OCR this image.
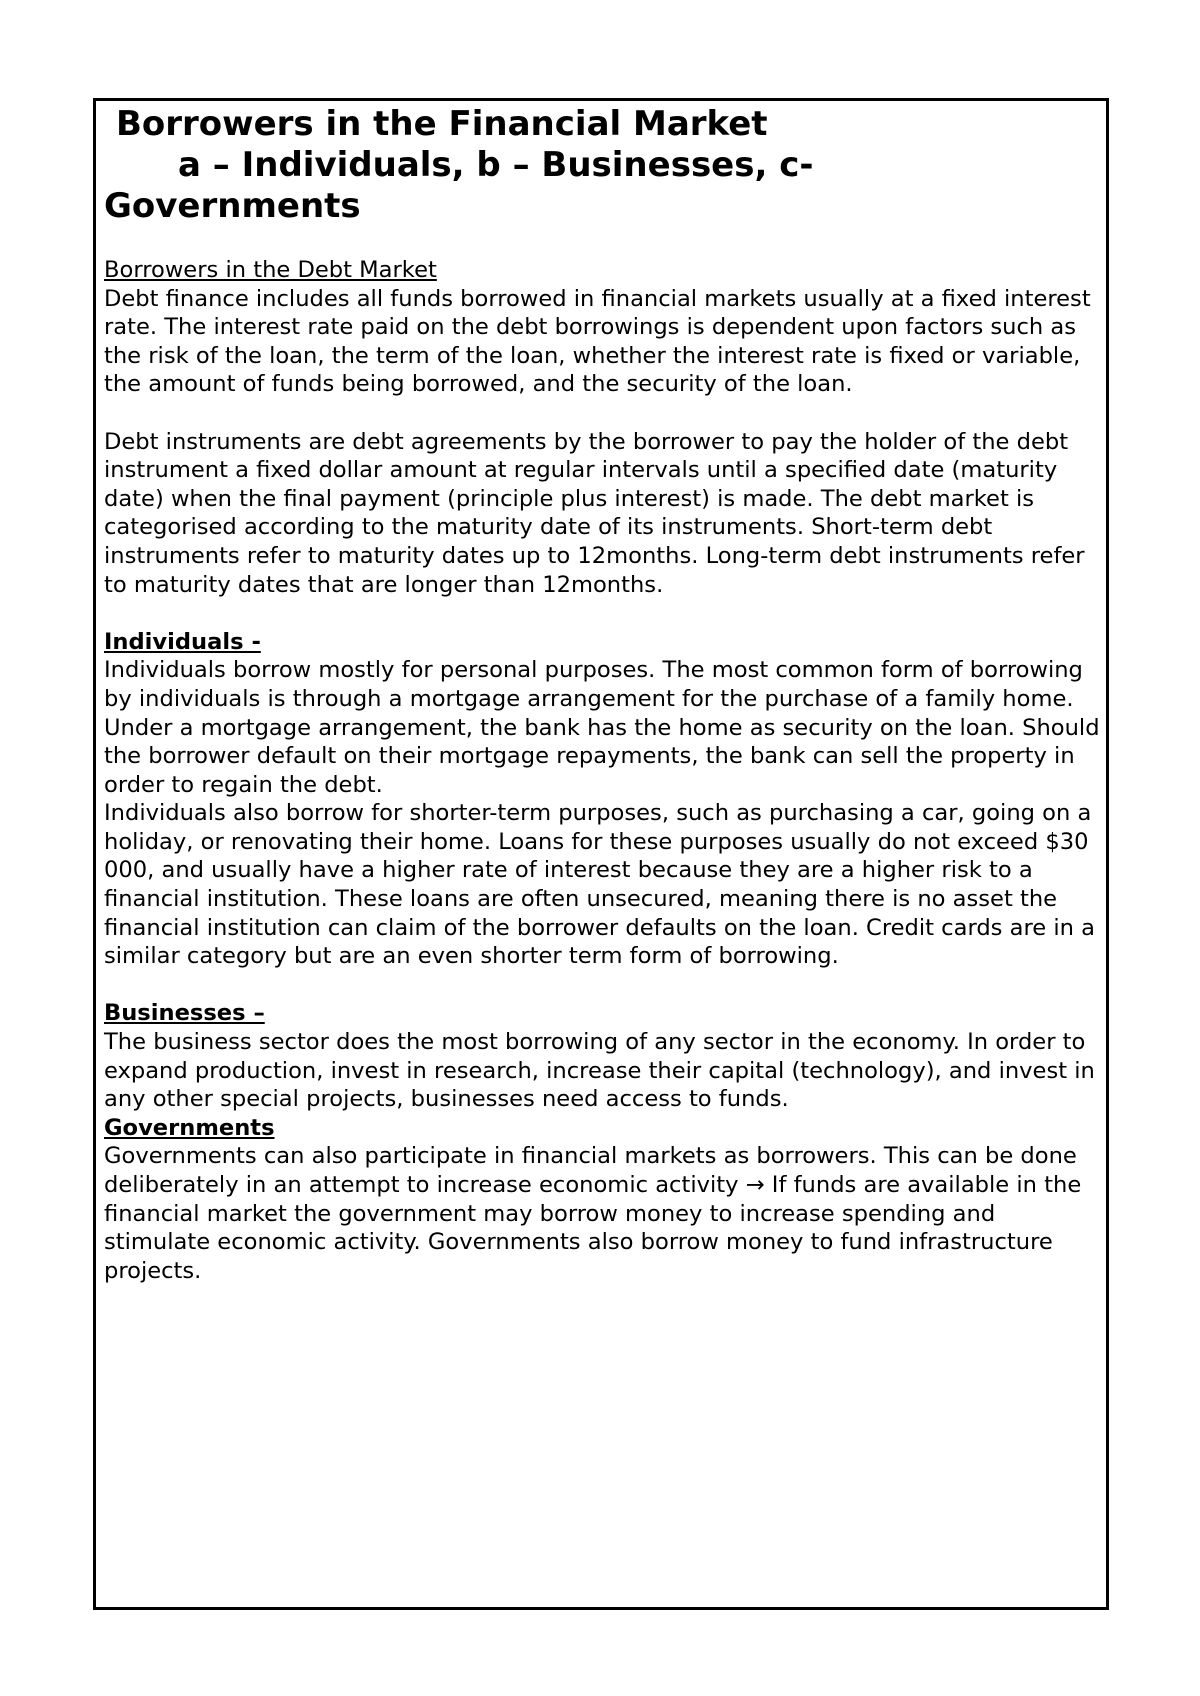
Borrowers in the Financial Market
a – Individuals, b – Businesses, c-
Governments

Borrowers in the Debt Market

Debt finance includes all funds borrowed in financial markets usually at a fixed interest rate. The interest rate paid on the debt borrowings is dependent upon factors such as the risk of the loan, the term of the loan, whether the interest rate is fixed or variable, the amount of funds being borrowed, and the security of the loan.

Debt instruments are debt agreements by the borrower to pay the holder of the debt instrument a fixed dollar amount at regular intervals until a specified date (maturity date) when the final payment (principle plus interest) is made. The debt market is categorised according to the maturity date of its instruments. Short-term debt instruments refer to maturity dates up to 12months. Long-term debt instruments refer to maturity dates that are longer than 12months.

Individuals -

Individuals borrow mostly for personal purposes. The most common form of borrowing by individuals is through a mortgage arrangement for the purchase of a family home. Under a mortgage arrangement, the bank has the home as security on the loan. Should the borrower default on their mortgage repayments, the bank can sell the property in order to regain the debt.

Individuals also borrow for shorter-term purposes, such as purchasing a car, going on a holiday, or renovating their home. Loans for these purposes usually do not exceed $30 000, and usually have a higher rate of interest because they are a higher risk to a financial institution. These loans are often unsecured, meaning there is no asset the financial institution can claim of the borrower defaults on the loan. Credit cards are in a similar category but are an even shorter term form of borrowing.

Businesses –

The business sector does the most borrowing of any sector in the economy. In order to expand production, invest in research, increase their capital (technology), and invest in any other special projects, businesses need access to funds.

Governments

Governments can also participate in financial markets as borrowers. This can be done deliberately in an attempt to increase economic activity → If funds are available in the financial market the government may borrow money to increase spending and stimulate economic activity. Governments also borrow money to fund infrastructure projects.
